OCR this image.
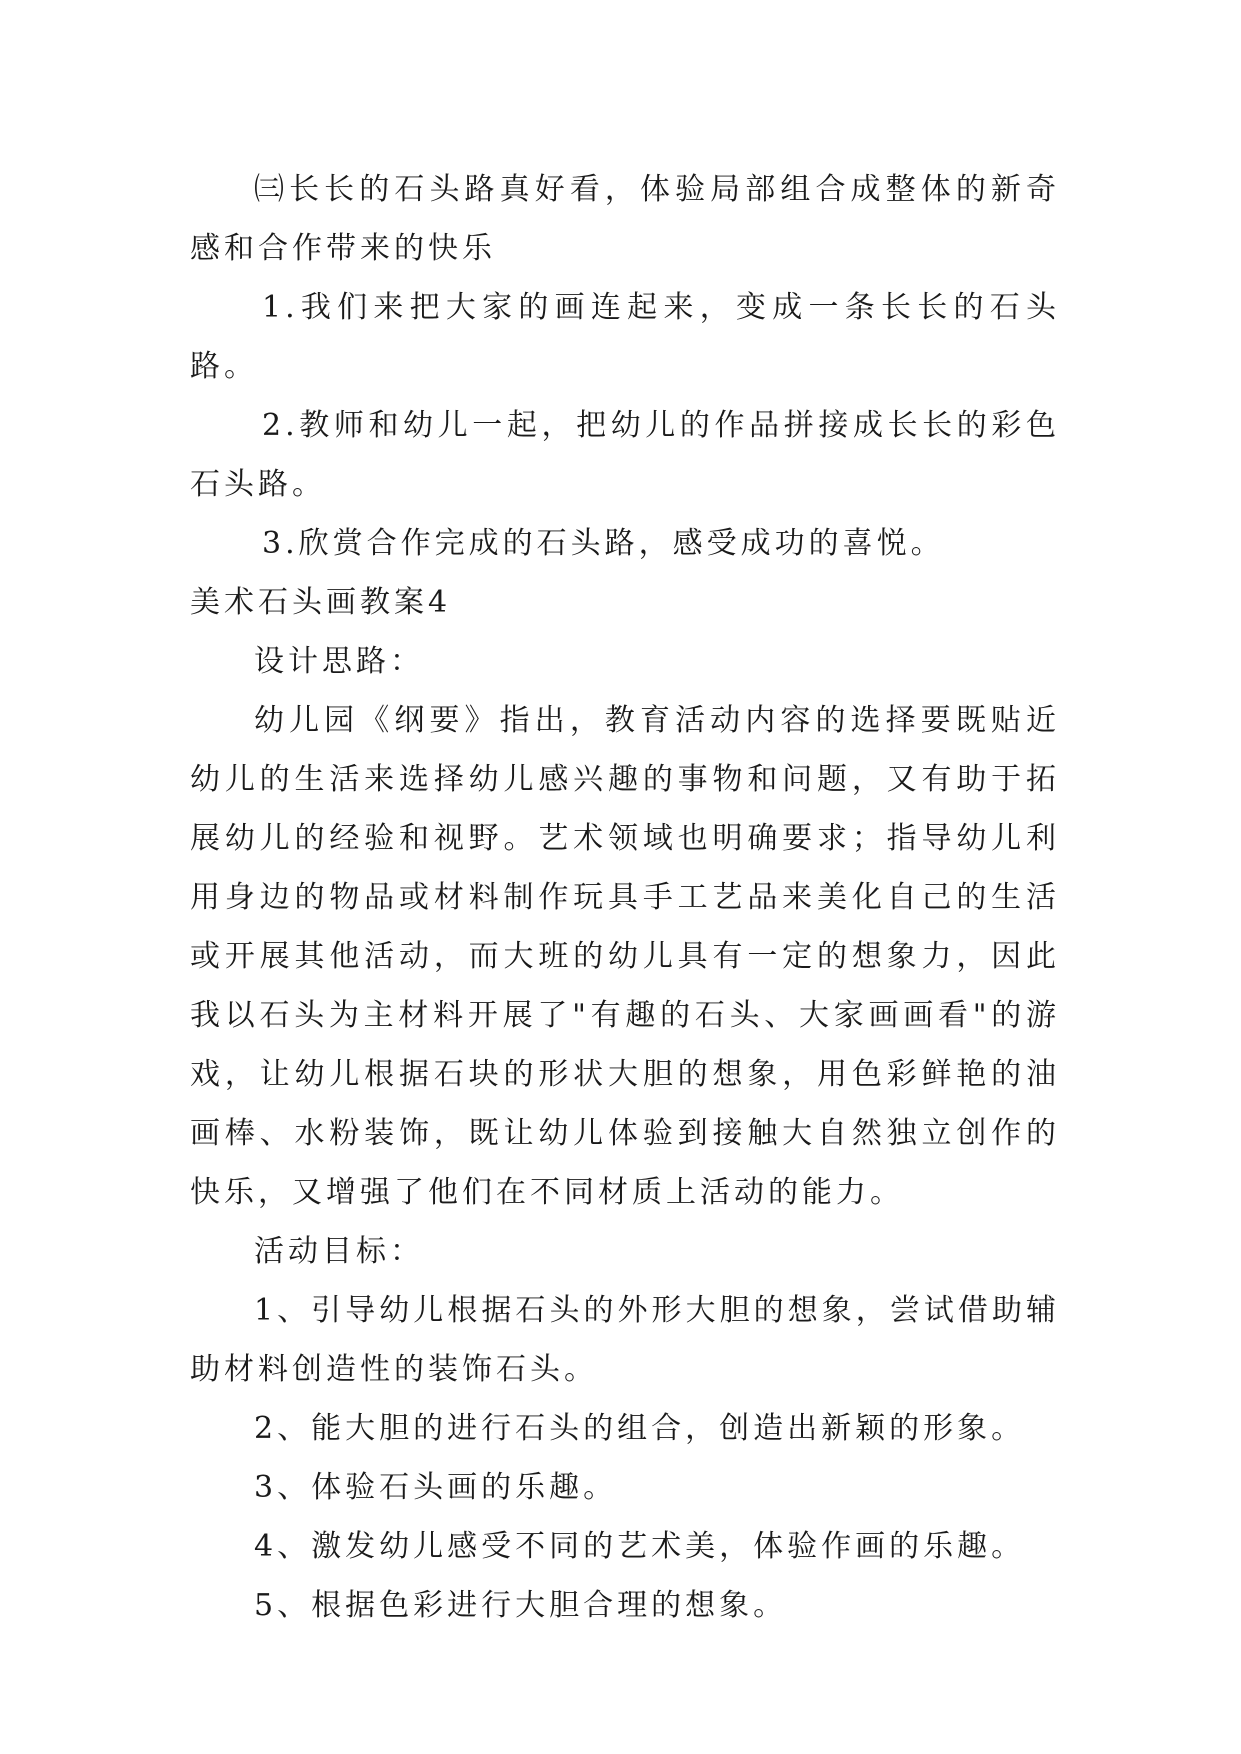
㈢长长的石头路真好看，体验局部组合成整体的新奇感和合作带来的快乐

1.我们来把大家的画连起来，变成一条长长的石头路。

2.教师和幼儿一起，把幼儿的作品拼接成长长的彩色石头路。

3.欣赏合作完成的石头路，感受成功的喜悦。

美术石头画教案4

设计思路：

幼儿园《纲要》指出，教育活动内容的选择要既贴近幼儿的生活来选择幼儿感兴趣的事物和问题，又有助于拓展幼儿的经验和视野。艺术领域也明确要求；指导幼儿利用身边的物品或材料制作玩具手工艺品来美化自己的生活或开展其他活动，而大班的幼儿具有一定的想象力，因此我以石头为主材料开展了"有趣的石头、大家画画看"的游戏，让幼儿根据石块的形状大胆的想象，用色彩鲜艳的油画棒、水粉装饰，既让幼儿体验到接触大自然独立创作的快乐，又增强了他们在不同材质上活动的能力。

活动目标：

1、引导幼儿根据石头的外形大胆的想象，尝试借助辅助材料创造性的装饰石头。

2、能大胆的进行石头的组合，创造出新颖的形象。

3、体验石头画的乐趣。

4、激发幼儿感受不同的艺术美，体验作画的乐趣。

5、根据色彩进行大胆合理的想象。
